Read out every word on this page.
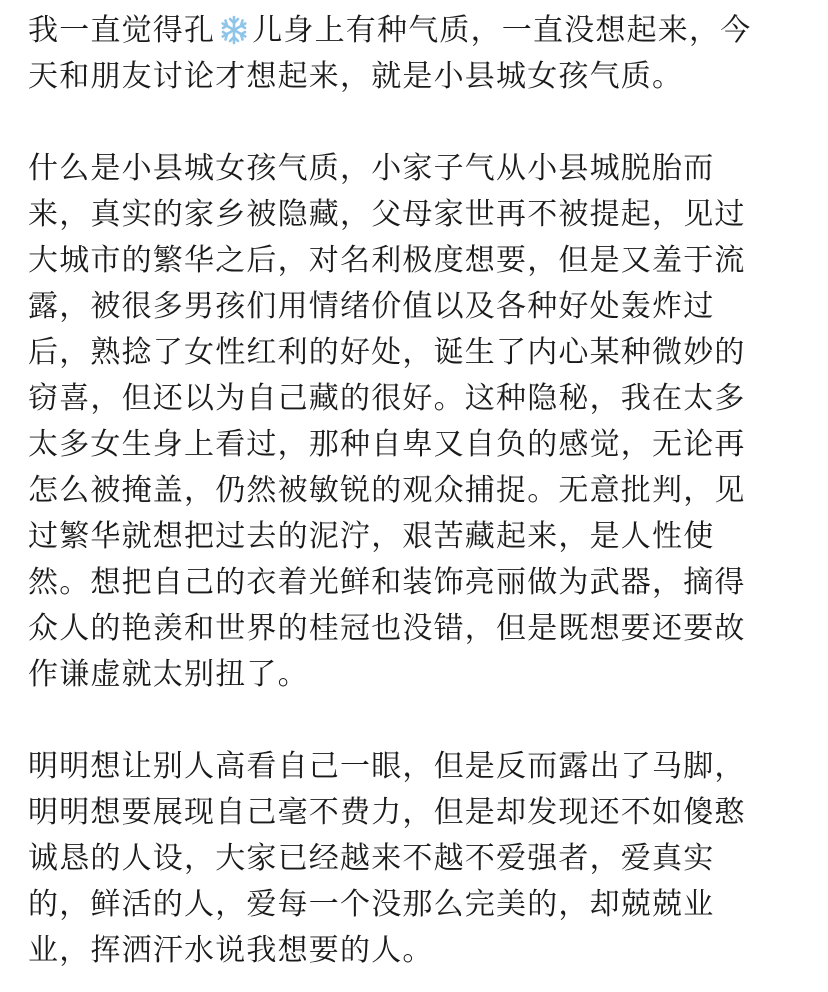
我一直觉得孔 儿身上有种气质，一直没想起来，今
天和朋友讨论才想起来，就是小县城女孩气质。
什么是小县城女孩气质，小家子气从小县城脱胎而
来，真实的家乡被隐藏，父母家世再不被提起，见过
大城市的繁华之后，对名利极度想要，但是又羞于流
露，被很多男孩们用情绪价值以及各种好处轰炸过
后，熟捻了女性红利的好处，诞生了内心某种微妙的
窃喜，但还以为自己藏的很好。这种隐秘，我在太多
太多女生身上看过，那种自卑又自负的感觉，无论再
怎么被掩盖，仍然被敏锐的观众捕捉。无意批判，见
过繁华就想把过去的泥泞，艰苦藏起来，是人性使
然。想把自己的衣着光鲜和装饰亮丽做为武器，摘得
众人的艳羡和世界的桂冠也没错，但是既想要还要故
作谦虚就太别扭了。
明明想让别人高看自己一眼，但是反而露出了马脚，
明明想要展现自己毫不费力，但是却发现还不如傻憨
诚恳的人设，大家已经越来不越不爱强者，爱真实
的，鲜活的人，爱每一个没那么完美的，却兢兢业
业，挥洒汗水说我想要的人。
